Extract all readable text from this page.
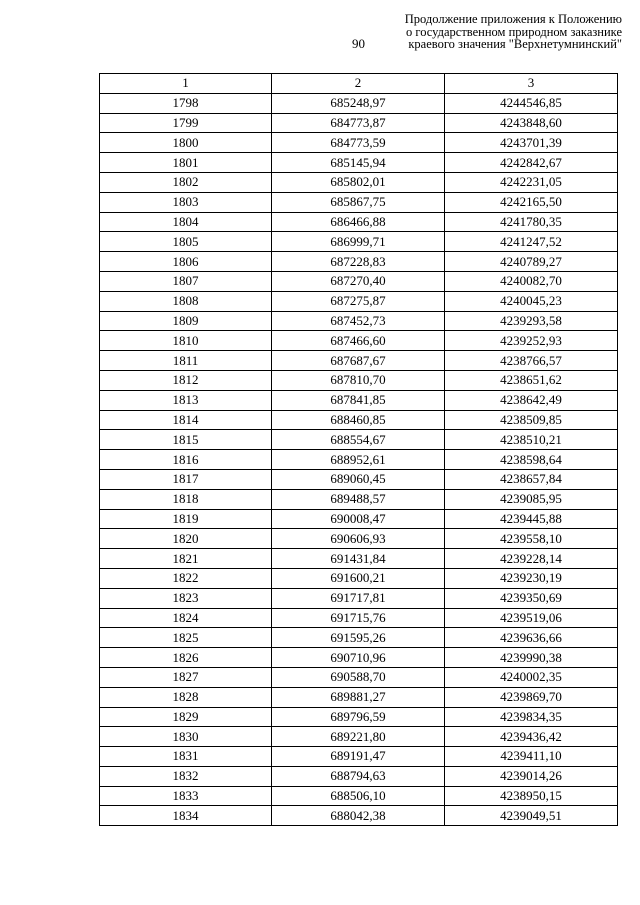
Продолжение приложения к Положению
о государственном природном заказнике
краевого значения "Верхнетумнинский"
90
1	2	3
1798	685248,97	4244546,85
1799	684773,87	4243848,60
1800	684773,59	4243701,39
1801	685145,94	4242842,67
1802	685802,01	4242231,05
1803	685867,75	4242165,50
1804	686466,88	4241780,35
1805	686999,71	4241247,52
1806	687228,83	4240789,27
1807	687270,40	4240082,70
1808	687275,87	4240045,23
1809	687452,73	4239293,58
1810	687466,60	4239252,93
1811	687687,67	4238766,57
1812	687810,70	4238651,62
1813	687841,85	4238642,49
1814	688460,85	4238509,85
1815	688554,67	4238510,21
1816	688952,61	4238598,64
1817	689060,45	4238657,84
1818	689488,57	4239085,95
1819	690008,47	4239445,88
1820	690606,93	4239558,10
1821	691431,84	4239228,14
1822	691600,21	4239230,19
1823	691717,81	4239350,69
1824	691715,76	4239519,06
1825	691595,26	4239636,66
1826	690710,96	4239990,38
1827	690588,70	4240002,35
1828	689881,27	4239869,70
1829	689796,59	4239834,35
1830	689221,80	4239436,42
1831	689191,47	4239411,10
1832	688794,63	4239014,26
1833	688506,10	4238950,15
1834	688042,38	4239049,51
